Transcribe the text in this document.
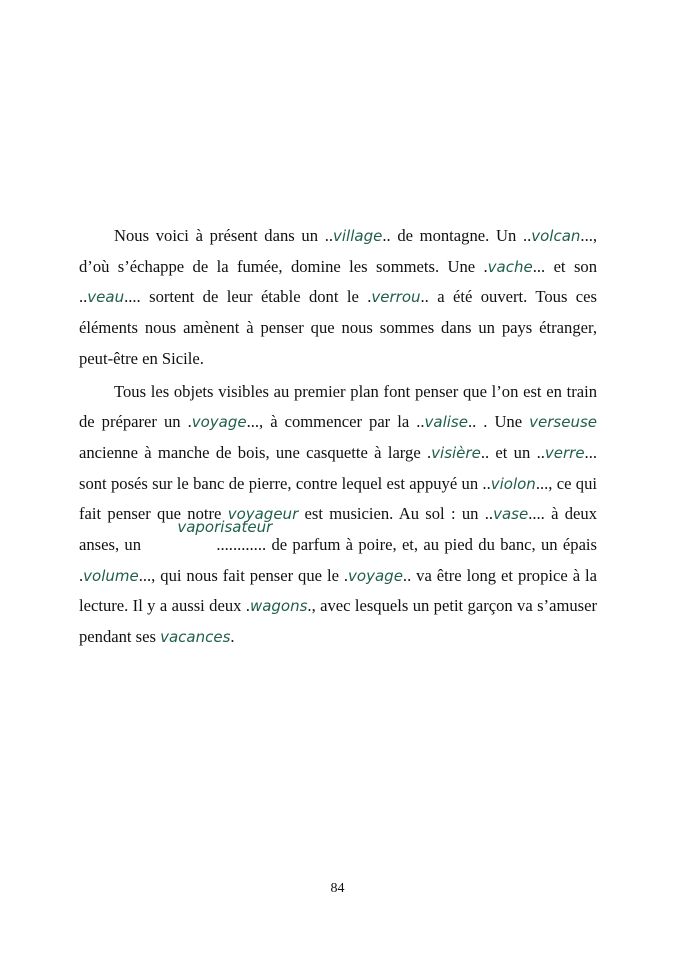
Nous voici à présent dans un ..village.. de montagne. Un ..volcan..., d’où s’échappe de la fumée, domine les sommets. Une .vache... et son ..veau.... sortent de leur étable dont le .verrou.. a été ouvert. Tous ces éléments nous amènent à penser que nous sommes dans un pays étranger, peut-être en Sicile.

Tous les objets visibles au premier plan font penser que l’on est en train de préparer un .voyage..., à commencer par la ..valise.. . Une verseuse ancienne à manche de bois, une casquette à large .visière.. et un ..verre... sont posés sur le banc de pierre, contre lequel est appuyé un ..violon..., ce qui fait penser que notre voyageur est musicien. Au sol : un ..vase.... à deux anses, un
vaporisateur
............ de parfum à poire, et, au pied du banc, un épais .volume..., qui nous fait penser que le .voyage.. va être long et propice à la lecture. Il y a aussi deux .wagons., avec lesquels un petit garçon va s’amuser pendant ses vacances.

84
